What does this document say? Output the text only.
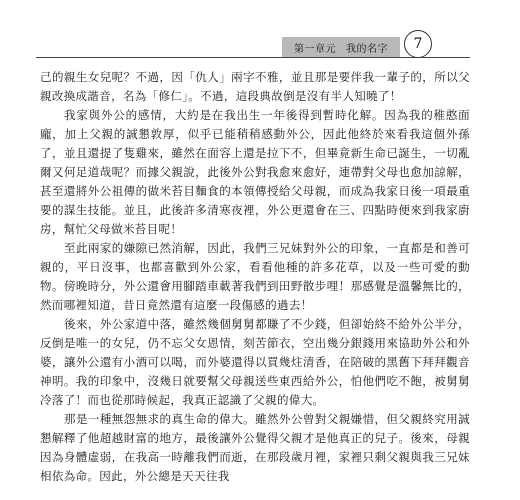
第一章元 我的名字	7

己的親生女兒呢？不過，因「仇人」兩字不雅，並且那是要伴我一輩子的，所以父親改換成諧音，名為「修仁」。不過，這段典故倒是沒有半人知曉了！

我家與外公的感情，大約是在我出生一年後得到暫時化解。因為我的稚憨面龐，加上父親的誠懇敦厚，似乎已能稍稍感動外公，因此他終於來看我這個外孫了，並且還提了隻雞來，雖然在面容上還是拉下不，但畢竟新生命已誕生，一切亂爾又何足道哉呢？而據父親說，此後外公對我愈來愈好，連帶對父母也愈加諒解，甚至還將外公祖傳的做米苔目麵食的本領傳授給父母親，而成為我家日後一項最重要的謀生技能。並且，此後許多清寒夜裡，外公更還會在三、四點時便來到我家廚房，幫忙父母做米苔目呢！

至此兩家的嫌隙已然消解，因此，我們三兄妹對外公的印象，一直都是和善可親的，平日沒事，也都喜歡到外公家，看看他種的許多花草，以及一些可愛的動物。傍晚時分，外公還會用腳踏車載著我們到田野散步哩！那感覺是溫馨無比的，然而哪裡知道，昔日竟然還有這麼一段傷感的過去！

後來，外公家道中落，雖然幾個舅舅都賺了不少錢，但卻始終不給外公半分，反倒是唯一的女兒，仍不忘父女恩情，刻苦節衣，空出幾分銀錢用來協助外公和外婆，讓外公還有小酒可以喝，而外婆還得以買幾炷清香，在陪破的黑舊下拜拜觀音神明。我的印象中，沒幾日就要幫父母親送些東西給外公，怕他們吃不飽，被舅舅冷落了！而也從那時候起，我真正認識了父親的偉大。

那是一種無怨無求的真生命的偉大。雖然外公曾對父親嫌惜，但父親終究用誠懇解釋了他超越財富的地方，最後讓外公覺得父親才是他真正的兒子。後來，母親因為身體虛弱，在我高一時離我們而逝，在那段歲月裡，家裡只剩父親與我三兄妹相依為命。因此，外公總是天天往我
